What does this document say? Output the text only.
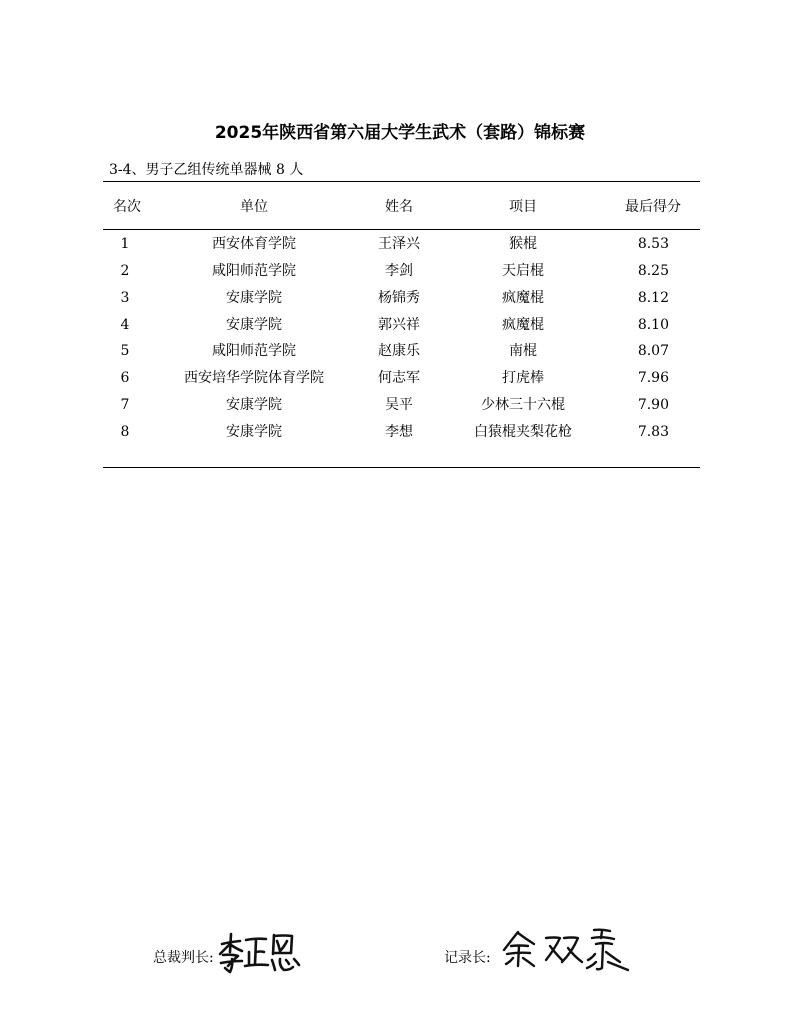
2025年陕西省第六届大学生武术（套路）锦标赛
3-4、男子乙组传统单器械 8 人
名次	单位	姓名	项目	最后得分
1	西安体育学院	王泽兴	猴棍	8.53
2	咸阳师范学院	李剑	天启棍	8.25
3	安康学院	杨锦秀	疯魔棍	8.12
4	安康学院	郭兴祥	疯魔棍	8.10
5	咸阳师范学院	赵康乐	南棍	8.07
6	西安培华学院体育学院	何志军	打虎棒	7.96
7	安康学院	吴平	少林三十六棍	7.90
8	安康学院	李想	白猿棍夹梨花枪	7.83
总裁判长:	记录长:
